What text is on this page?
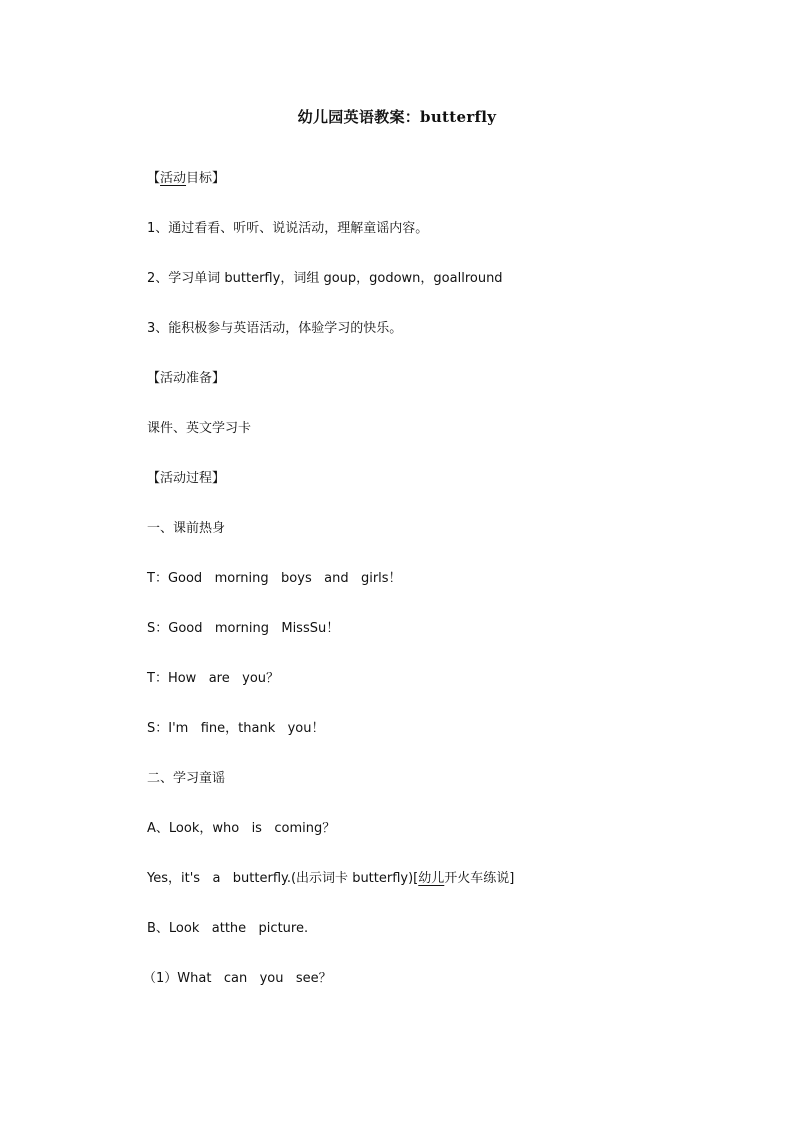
幼儿园英语教案：butterfly
【活动目标】
1、通过看看、听听、说说活动，理解童谣内容。
2、学习单词 butterfly，词组 goup，godown，goallround
3、能积极参与英语活动，体验学习的快乐。
【活动准备】
课件、英文学习卡
【活动过程】
一、课前热身
T：Good   morning   boys   and   girls！
S：Good   morning   MissSu！
T：How   are   you？
S：I'm   fine，thank   you！
二、学习童谣
A、Look，who   is   coming？
Yes，it's   a   butterfly.(出示词卡 butterfly)[幼儿开火车练说]
B、Look   atthe   picture.
（1）What   can   you   see？
